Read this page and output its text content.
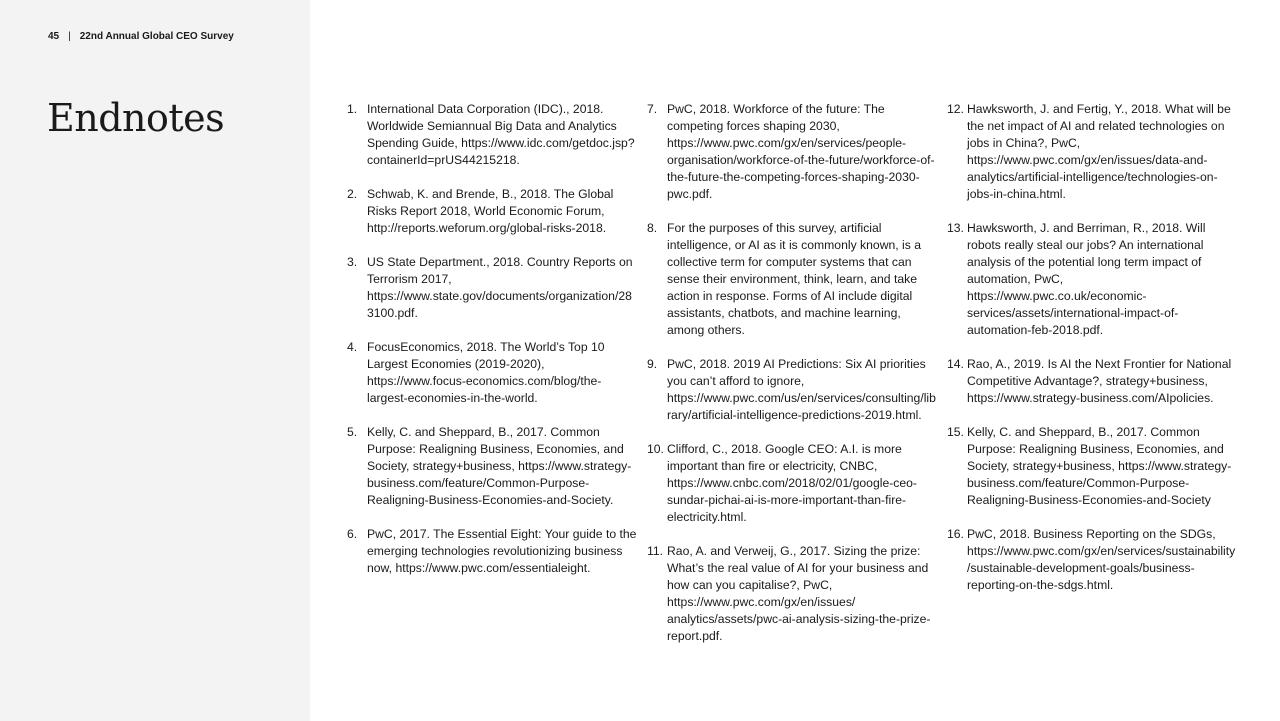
45 | 22nd Annual Global CEO Survey
Endnotes	1. International Data Corporation (IDC)., 2018. Worldwide Semiannual Big Data and Analytics Spending Guide, https://www.idc.com/getdoc.jsp?containerId=prUS44215218.
2. Schwab, K. and Brende, B., 2018. The Global Risks Report 2018, World Economic Forum, http://reports.weforum.org/global-risks-2018.
3. US State Department., 2018. Country Reports on Terrorism 2017, https://www.state.gov/documents/organization/283100.pdf.
4. FocusEconomics, 2018. The World’s Top 10 Largest Economies (2019-2020), https://www.focus-economics.com/blog/the-largest-economies-in-the-world.
5. Kelly, C. and Sheppard, B., 2017. Common Purpose: Realigning Business, Economies, and Society, strategy+business, https://www.strategy-business.com/feature/Common-Purpose-Realigning-Business-Economies-and-Society.
6. PwC, 2017. The Essential Eight: Your guide to the emerging technologies revolutionizing business now, https://www.pwc.com/essentialeight.
7. PwC, 2018. Workforce of the future: The competing forces shaping 2030, https://www.pwc.com/gx/en/services/people-organisation/workforce-of-the-future/workforce-of-the-future-the-competing-forces-shaping-2030-pwc.pdf.
8. For the purposes of this survey, artificial intelligence, or AI as it is commonly known, is a collective term for computer systems that can sense their environment, think, learn, and take action in response. Forms of AI include digital assistants, chatbots, and machine learning, among others.
9. PwC, 2018. 2019 AI Predictions: Six AI priorities you can’t afford to ignore, https://www.pwc.com/us/en/services/consulting/library/artificial-intelligence-predictions-2019.html.
10. Clifford, C., 2018. Google CEO: A.I. is more important than fire or electricity, CNBC, https://www.cnbc.com/2018/02/01/google-ceo-sundar-pichai-ai-is-more-important-than-fire-electricity.html.
11. Rao, A. and Verweij, G., 2017. Sizing the prize: What’s the real value of AI for your business and how can you capitalise?, PwC, https://www.pwc.com/gx/en/issues/ analytics/assets/pwc-ai-analysis-sizing-the-prize-report.pdf.
12. Hawksworth, J. and Fertig, Y., 2018. What will be the net impact of AI and related technologies on jobs in China?, PwC, https://www.pwc.com/gx/en/issues/data-and-analytics/artificial-intelligence/technologies-on-jobs-in-china.html.
13. Hawksworth, J. and Berriman, R., 2018. Will robots really steal our jobs? An international analysis of the potential long term impact of automation, PwC, https://www.pwc.co.uk/economic-services/assets/international-impact-of-automation-feb-2018.pdf.
14. Rao, A., 2019. Is AI the Next Frontier for National Competitive Advantage?, strategy+business, https://www.strategy-business.com/AIpolicies.
15. Kelly, C. and Sheppard, B., 2017. Common Purpose: Realigning Business, Economies, and Society, strategy+business, https://www.strategy-business.com/feature/Common-Purpose-Realigning-Business-Economies-and-Society
16. PwC, 2018. Business Reporting on the SDGs, https://www.pwc.com/gx/en/services/sustainability/sustainable-development-goals/business-reporting-on-the-sdgs.html.
